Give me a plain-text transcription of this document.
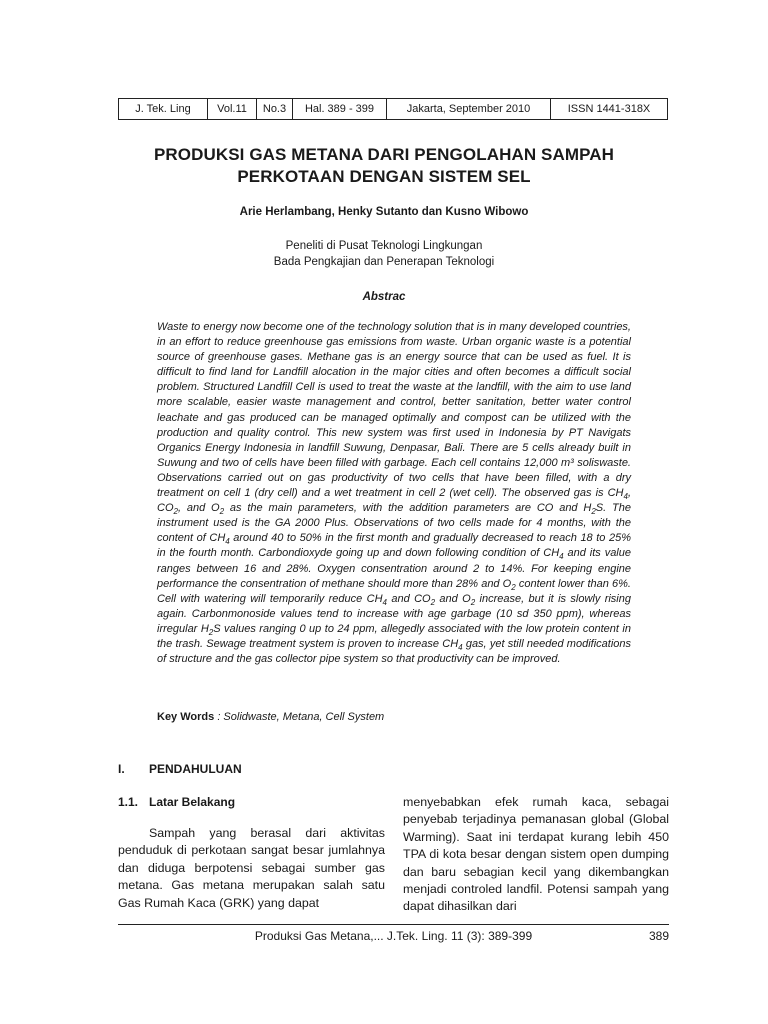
J. Tek. Ling	Vol.11	No.3	Hal. 389 - 399	Jakarta, September 2010	ISSN 1441-318X
PRODUKSI GAS METANA DARI PENGOLAHAN SAMPAH
PERKOTAAN DENGAN SISTEM SEL
Arie Herlambang, Henky Sutanto dan Kusno Wibowo
Peneliti di Pusat Teknologi Lingkungan
Bada Pengkajian dan Penerapan Teknologi
Abstrac
Waste to energy now become one of the technology solution that is in many developed countries, in an effort to reduce greenhouse gas emissions from waste. Urban organic waste is a potential source of greenhouse gases. Methane gas is an energy source that can be used as fuel. It is difficult to find land for Landfill alocation in the major cities and often becomes a difficult social problem. Structured Landfill Cell is used to treat the waste at the landfill, with the aim to use land more scalable, easier waste management and control, better sanitation, better water control leachate and gas produced can be managed optimally and compost can be utilized with the production and quality control. This new system was first used in Indonesia by PT Navigats Organics Energy Indonesia in landfill Suwung, Denpasar, Bali. There are 5 cells already built in Suwung and two of cells have been filled with garbage. Each cell contains 12,000 m³ soliswaste. Observations carried out on gas productivity of two cells that have been filled, with a dry treatment on cell 1 (dry cell) and a wet treatment in cell 2 (wet cell). The observed gas is $CH_4$, $CO_2$, and $O_2$ as the main parameters, with the addition parameters are CO and $H_2S$. The instrument used is the GA 2000 Plus. Observations of two cells made for 4 months, with the content of $CH_4$ around 40 to 50% in the first month and gradually decreased to reach 18 to 25% in the fourth month. Carbondioxyde going up and down following condition of $CH_4$ and its value ranges between 16 and 28%. Oxygen consentration around 2 to 14%. For keeping engine performance the consentration of methane should more than 28% and $O_2$ content lower than 6%. Cell with watering will temporarily reduce $CH_4$ and $CO_2$ and $O_2$ increase, but it is slowly rising again. Carbonmonoside values tend to increase with age garbage (10 sd 350 ppm), whereas irregular $H_2S$ values ranging 0 up to 24 ppm, allegedly associated with the low protein content in the trash. Sewage treatment system is proven to increase $CH_4$ gas, yet still needed modifications of structure and the gas collector pipe system so that productivity can be improved.
Key Words : Solidwaste, Metana, Cell System
I. PENDAHULUAN
1.1. Latar Belakang
Sampah yang berasal dari aktivitas penduduk di perkotaan sangat besar jumlahnya dan diduga berpotensi sebagai sumber gas metana. Gas metana merupakan salah satu Gas Rumah Kaca (GRK) yang dapat
menyebabkan efek rumah kaca, sebagai penyebab terjadinya pemanasan global (Global Warming). Saat ini terdapat kurang lebih 450 TPA di kota besar dengan sistem open dumping dan baru sebagian kecil yang dikembangkan menjadi controled landfil. Potensi sampah yang dapat dihasilkan dari
Produksi Gas Metana,... J.Tek. Ling. 11 (3): 389-399	389
